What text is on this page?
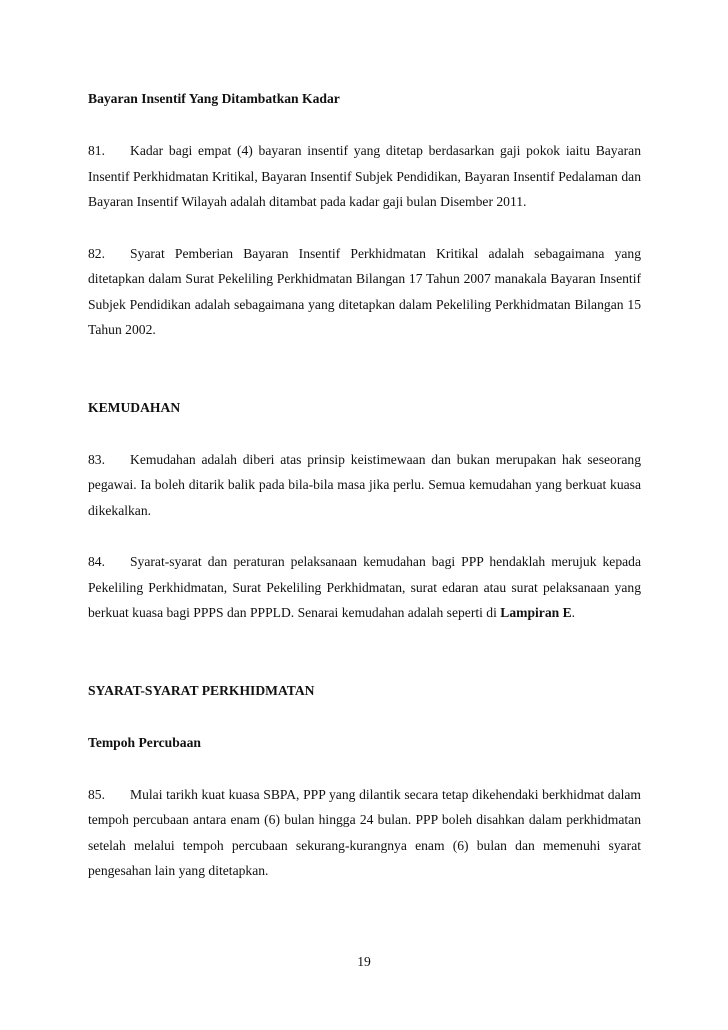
Bayaran Insentif Yang Ditambatkan Kadar

81. Kadar bagi empat (4) bayaran insentif yang ditetap berdasarkan gaji pokok iaitu Bayaran Insentif Perkhidmatan Kritikal, Bayaran Insentif Subjek Pendidikan, Bayaran Insentif Pedalaman dan Bayaran Insentif Wilayah adalah ditambat pada kadar gaji bulan Disember 2011.

82. Syarat Pemberian Bayaran Insentif Perkhidmatan Kritikal adalah sebagaimana yang ditetapkan dalam Surat Pekeliling Perkhidmatan Bilangan 17 Tahun 2007 manakala Bayaran Insentif Subjek Pendidikan adalah sebagaimana yang ditetapkan dalam Pekeliling Perkhidmatan Bilangan 15 Tahun 2002.

KEMUDAHAN

83. Kemudahan adalah diberi atas prinsip keistimewaan dan bukan merupakan hak seseorang pegawai. Ia boleh ditarik balik pada bila-bila masa jika perlu. Semua kemudahan yang berkuat kuasa dikekalkan.

84. Syarat-syarat dan peraturan pelaksanaan kemudahan bagi PPP hendaklah merujuk kepada Pekeliling Perkhidmatan, Surat Pekeliling Perkhidmatan, surat edaran atau surat pelaksanaan yang berkuat kuasa bagi PPPS dan PPPLD. Senarai kemudahan adalah seperti di Lampiran E.

SYARAT-SYARAT PERKHIDMATAN

Tempoh Percubaan

85. Mulai tarikh kuat kuasa SBPA, PPP yang dilantik secara tetap dikehendaki berkhidmat dalam tempoh percubaan antara enam (6) bulan hingga 24 bulan. PPP boleh disahkan dalam perkhidmatan setelah melalui tempoh percubaan sekurang-kurangnya enam (6) bulan dan memenuhi syarat pengesahan lain yang ditetapkan.

19
